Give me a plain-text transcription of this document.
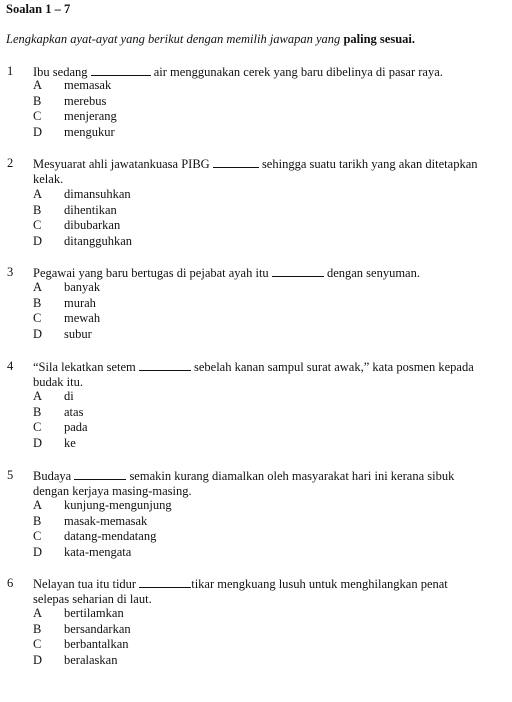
Soalan 1 – 7
Lengkapkan ayat-ayat yang berikut dengan memilih jawapan yang paling sesuai.
1 Ibu sedang	air menggunakan cerek yang baru dibelinya di pasar raya.
A memasak
B merebus
C menjerang
D mengukur
2 Mesyuarat ahli jawatankuasa PIBG	sehingga suatu tarikh yang akan ditetapkan kelak.
A dimansuhkan
B dihentikan
C dibubarkan
D ditangguhkan
3 Pegawai yang baru bertugas di pejabat ayah itu	dengan senyuman.
A banyak
B murah
C mewah
D subur
4 “Sila lekatkan setem	sebelah kanan sampul surat awak,” kata posmen kepada budak itu.
A di
B atas
C pada
D ke
5 Budaya	semakin kurang diamalkan oleh masyarakat hari ini kerana sibuk dengan kerjaya masing-masing.
A kunjung-mengunjung
B masak-memasak
C datang-mendatang
D kata-mengata
6 Nelayan tua itu tidur	tikar mengkuang lusuh untuk menghilangkan penat selepas seharian di laut.
A bertilamkan
B bersandarkan
C berbantalkan
D beralaskan
